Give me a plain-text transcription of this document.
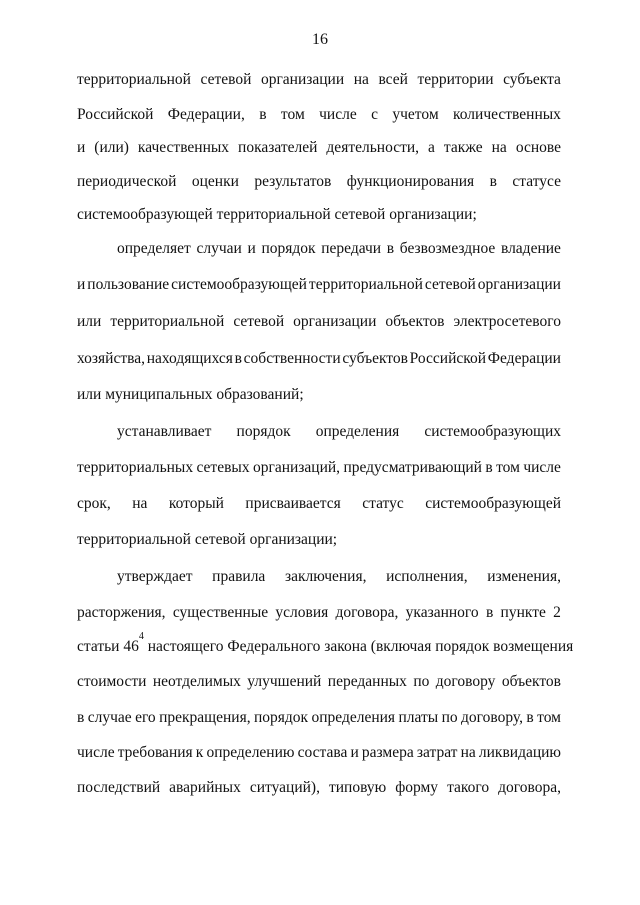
16
территориальной сетевой организации на всей территории субъекта
Российской Федерации, в том числе с учетом количественных
и (или) качественных показателей деятельности, а также на основе
периодической оценки результатов функционирования в статусе
системообразующей территориальной сетевой организации;
определяет случаи и порядок передачи в безвозмездное владение
и пользование системообразующей территориальной сетевой организации
или территориальной сетевой организации объектов электросетевого
хозяйства, находящихся в собственности субъектов Российской Федерации
или муниципальных образований;
устанавливает порядок определения системообразующих
территориальных сетевых организаций, предусматривающий в том числе
срок, на который присваивается статус системообразующей
территориальной сетевой организации;
утверждает правила заключения, исполнения, изменения,
расторжения, существенные условия договора, указанного в пункте 2
статьи 46
4
настоящего Федерального закона (включая порядок возмещения
стоимости неотделимых улучшений переданных по договору объектов
в случае его прекращения, порядок определения платы по договору, в том
числе требования к определению состава и размера затрат на ликвидацию
последствий аварийных ситуаций), типовую форму такого договора,
